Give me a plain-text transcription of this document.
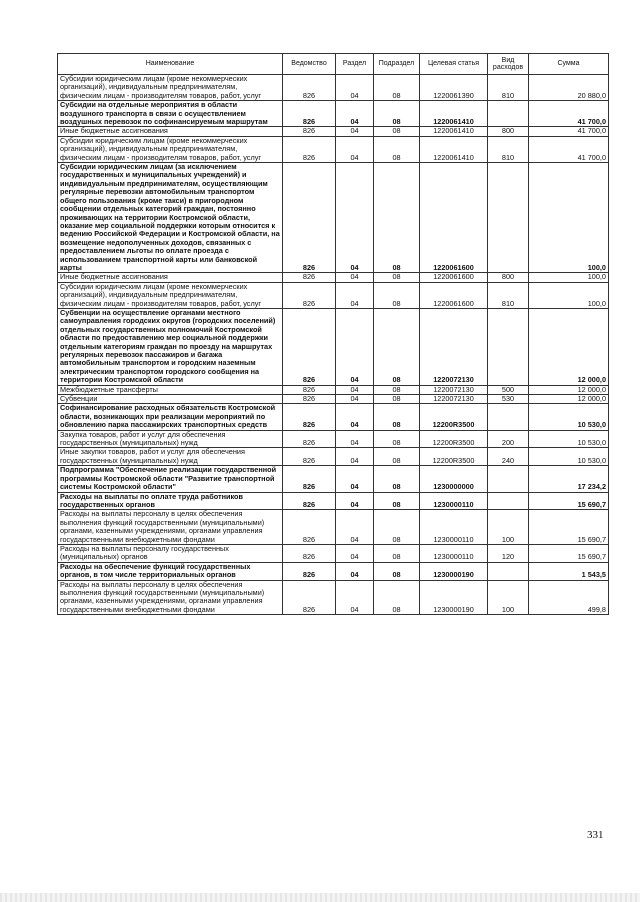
Наименование	Ведомство	Раздел	Подраздел	Целевая статья	Вид расходов	Сумма
Субсидии юридическим лицам (кроме некоммерческих организаций), индивидуальным предпринимателям, физическим лицам - производителям товаров, работ, услуг	826	04	08	1220061390	810	20 880,0
Субсидии на отдельные мероприятия в области воздушного транспорта в связи с осуществлением воздушных перевозок по софинансируемым маршрутам	826	04	08	1220061410		41 700,0
Иные бюджетные ассигнования	826	04	08	1220061410	800	41 700,0
Субсидии юридическим лицам (кроме некоммерческих организаций), индивидуальным предпринимателям, физическим лицам - производителям товаров, работ, услуг	826	04	08	1220061410	810	41 700,0
Субсидии юридическим лицам (за исключением государственных и муниципальных учреждений) и индивидуальным предпринимателям, осуществляющим регулярные перевозки автомобильным транспортом общего пользования (кроме такси) в пригородном сообщении отдельных категорий граждан, постоянно проживающих на территории Костромской области, оказание мер социальной поддержки которым относится к ведению Российской Федерации и Костромской области, на возмещение недополученных доходов, связанных с предоставлением льготы по оплате проезда с использованием транспортной карты или банковской карты	826	04	08	1220061600		100,0
Иные бюджетные ассигнования	826	04	08	1220061600	800	100,0
Субсидии юридическим лицам (кроме некоммерческих организаций), индивидуальным предпринимателям, физическим лицам - производителям товаров, работ, услуг	826	04	08	1220061600	810	100,0
Субвенции на осуществление органами местного самоуправления городских округов (городских поселений) отдельных государственных полномочий Костромской области по предоставлению мер социальной поддержки отдельным категориям граждан по проезду на маршрутах регулярных перевозок пассажиров и багажа автомобильным транспортом и городским наземным электрическим транспортом городского сообщения на территории Костромской области	826	04	08	1220072130		12 000,0
Межбюджетные трансферты	826	04	08	1220072130	500	12 000,0
Субвенции	826	04	08	1220072130	530	12 000,0
Софинансирование расходных обязательств Костромской области, возникающих при реализации мероприятий по обновлению парка пассажирских транспортных средств	826	04	08	12200R3500		10 530,0
Закупка товаров, работ и услуг для обеспечения государственных (муниципальных) нужд	826	04	08	12200R3500	200	10 530,0
Иные закупки товаров, работ и услуг для обеспечения государственных (муниципальных) нужд	826	04	08	12200R3500	240	10 530,0
Подпрограмма "Обеспечение реализации государственной программы Костромской области "Развитие транспортной системы Костромской области"	826	04	08	1230000000		17 234,2
Расходы на выплаты по оплате труда работников государственных органов	826	04	08	1230000110		15 690,7
Расходы на выплаты персоналу в целях обеспечения выполнения функций государственными (муниципальными) органами, казенными учреждениями, органами управления государственными внебюджетными фондами	826	04	08	1230000110	100	15 690,7
Расходы на выплаты персоналу государственных (муниципальных) органов	826	04	08	1230000110	120	15 690,7
Расходы на обеспечение функций государственных органов, в том числе территориальных органов	826	04	08	1230000190		1 543,5
Расходы на выплаты персоналу в целях обеспечения выполнения функций государственными (муниципальными) органами, казенными учреждениями, органами управления государственными внебюджетными фондами	826	04	08	1230000190	100	499,8
331
